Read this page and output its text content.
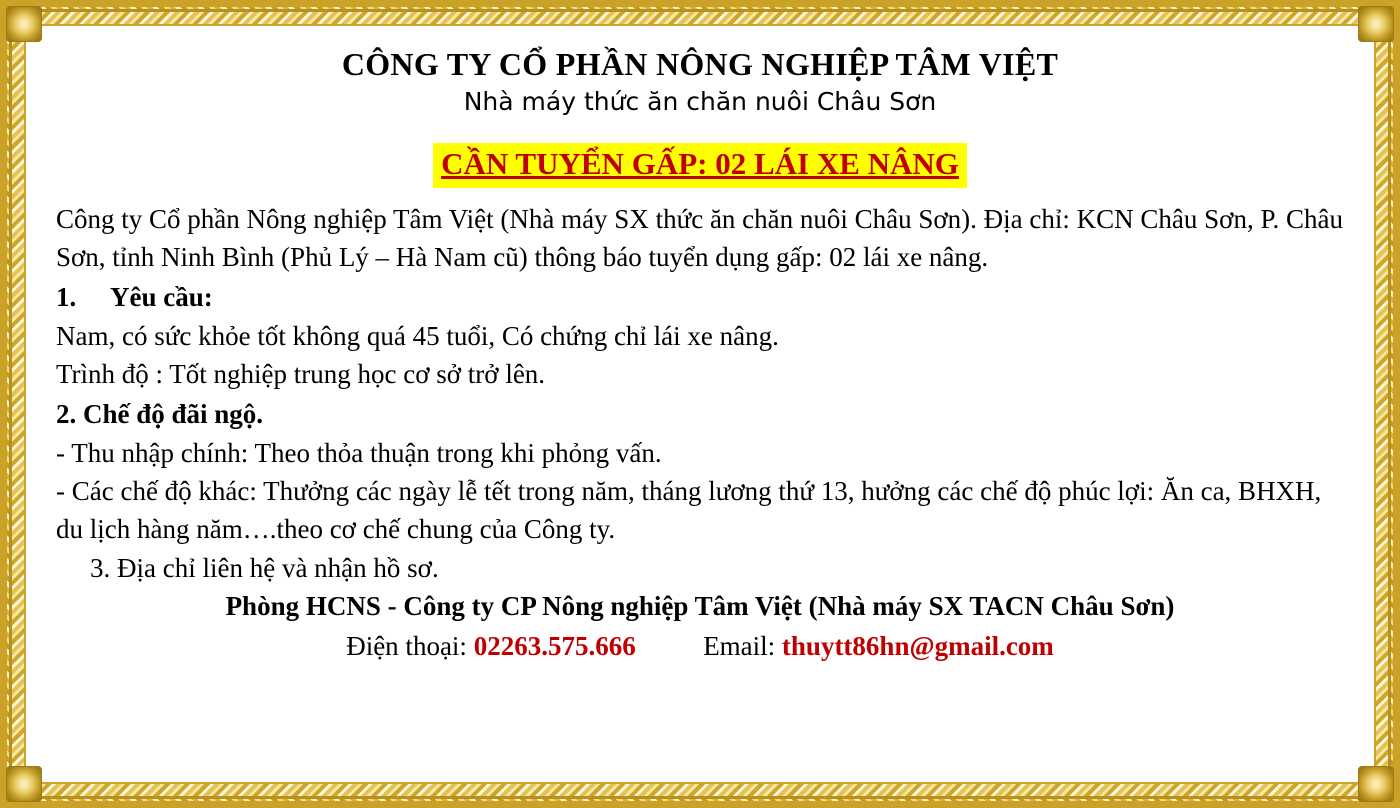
CÔNG TY CỔ PHẦN NÔNG NGHIỆP TÂM VIỆT
Nhà máy thức ăn chăn nuôi Châu Sơn
CẦN TUYỂN GẤP: 02 LÁI XE NÂNG

Công ty Cổ phần Nông nghiệp Tâm Việt (Nhà máy SX thức ăn chăn nuôi Châu Sơn). Địa chỉ: KCN Châu Sơn, P. Châu Sơn, tỉnh Ninh Bình (Phủ Lý – Hà Nam cũ) thông báo tuyển dụng gấp: 02 lái xe nâng.

1. Yêu cầu:

Nam, có sức khỏe tốt không quá 45 tuổi, Có chứng chỉ lái xe nâng.

Trình độ : Tốt nghiệp trung học cơ sở trở lên.

2. Chế độ đãi ngộ.

- Thu nhập chính: Theo thỏa thuận trong khi phỏng vấn.

- Các chế độ khác: Thưởng các ngày lễ tết trong năm, tháng lương thứ 13, hưởng các chế độ phúc lợi: Ăn ca, BHXH, du lịch hàng năm….theo cơ chế chung của Công ty.

3. Địa chỉ liên hệ và nhận hồ sơ.

Phòng HCNS - Công ty CP Nông nghiệp Tâm Việt (Nhà máy SX TACN Châu Sơn)

Điện thoại: 02263.575.666	Email: thuytt86hn@gmail.com
